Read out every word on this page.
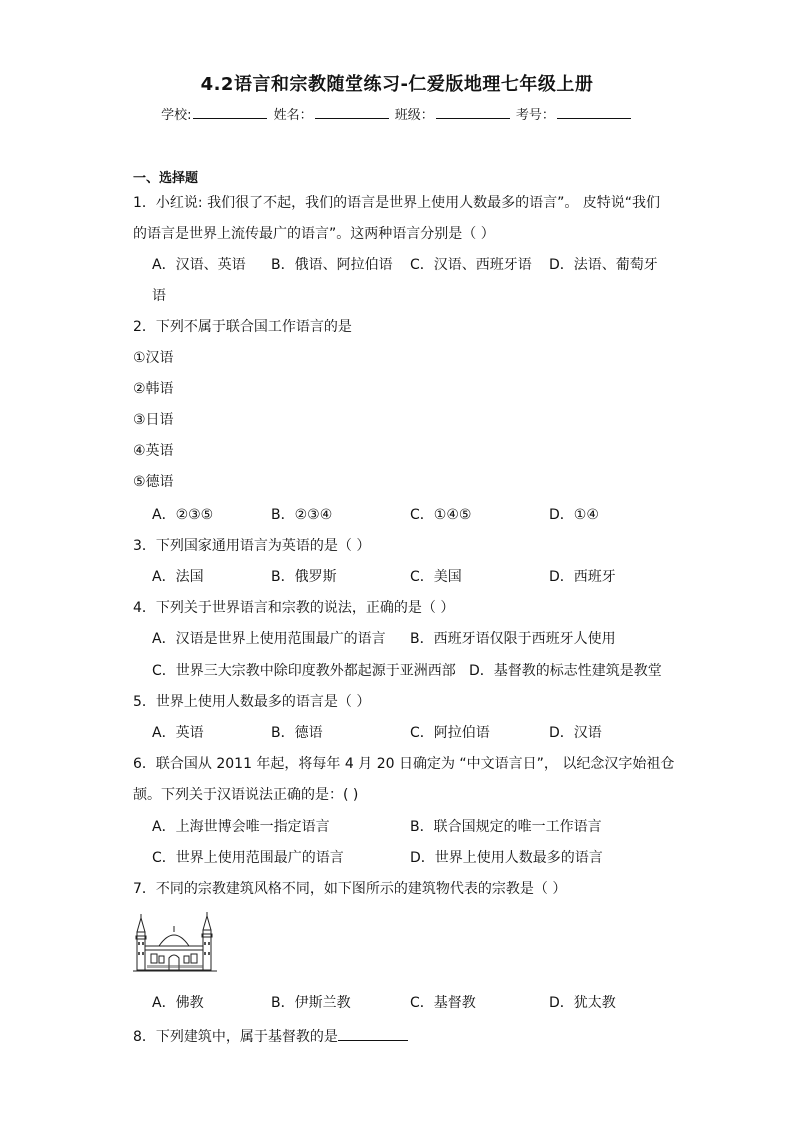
4.2语言和宗教随堂练习-仁爱版地理七年级上册
学校:	姓名：	班级：	考号：
一、选择题
1．小红说: 我们很了不起，我们的语言是世界上使用人数最多的语言”。 皮特说“我们
的语言是世界上流传最广的语言”。这两种语言分别是（ ）
A．汉语、英语 B．俄语、阿拉伯语 C．汉语、西班牙语 D．法语、葡萄牙
语
2．下列不属于联合国工作语言的是
①汉语
②韩语
③日语
④英语
⑤德语
A．②③⑤	B．②③④	C．①④⑤	D．①④
3．下列国家通用语言为英语的是（ ）
A．法国	B．俄罗斯	C．美国	D．西班牙
4．下列关于世界语言和宗教的说法，正确的是（ ）
A．汉语是世界上使用范围最广的语言 B．西班牙语仅限于西班牙人使用
C．世界三大宗教中除印度教外都起源于亚洲西部 D．基督教的标志性建筑是教堂
5．世界上使用人数最多的语言是（ ）
A．英语	B．德语	C．阿拉伯语	D．汉语
6．联合国从 2011 年起，将每年 4 月 20 日确定为 “中文语言日”， 以纪念汉字始祖仓
颉。下列关于汉语说法正确的是：( )
A．上海世博会唯一指定语言	B．联合国规定的唯一工作语言
C．世界上使用范围最广的语言	D．世界上使用人数最多的语言
7．不同的宗教建筑风格不同，如下图所示的建筑物代表的宗教是（ ）
A．佛教	B．伊斯兰教	C．基督教	D．犹太教
8．下列建筑中，属于基督教的是
